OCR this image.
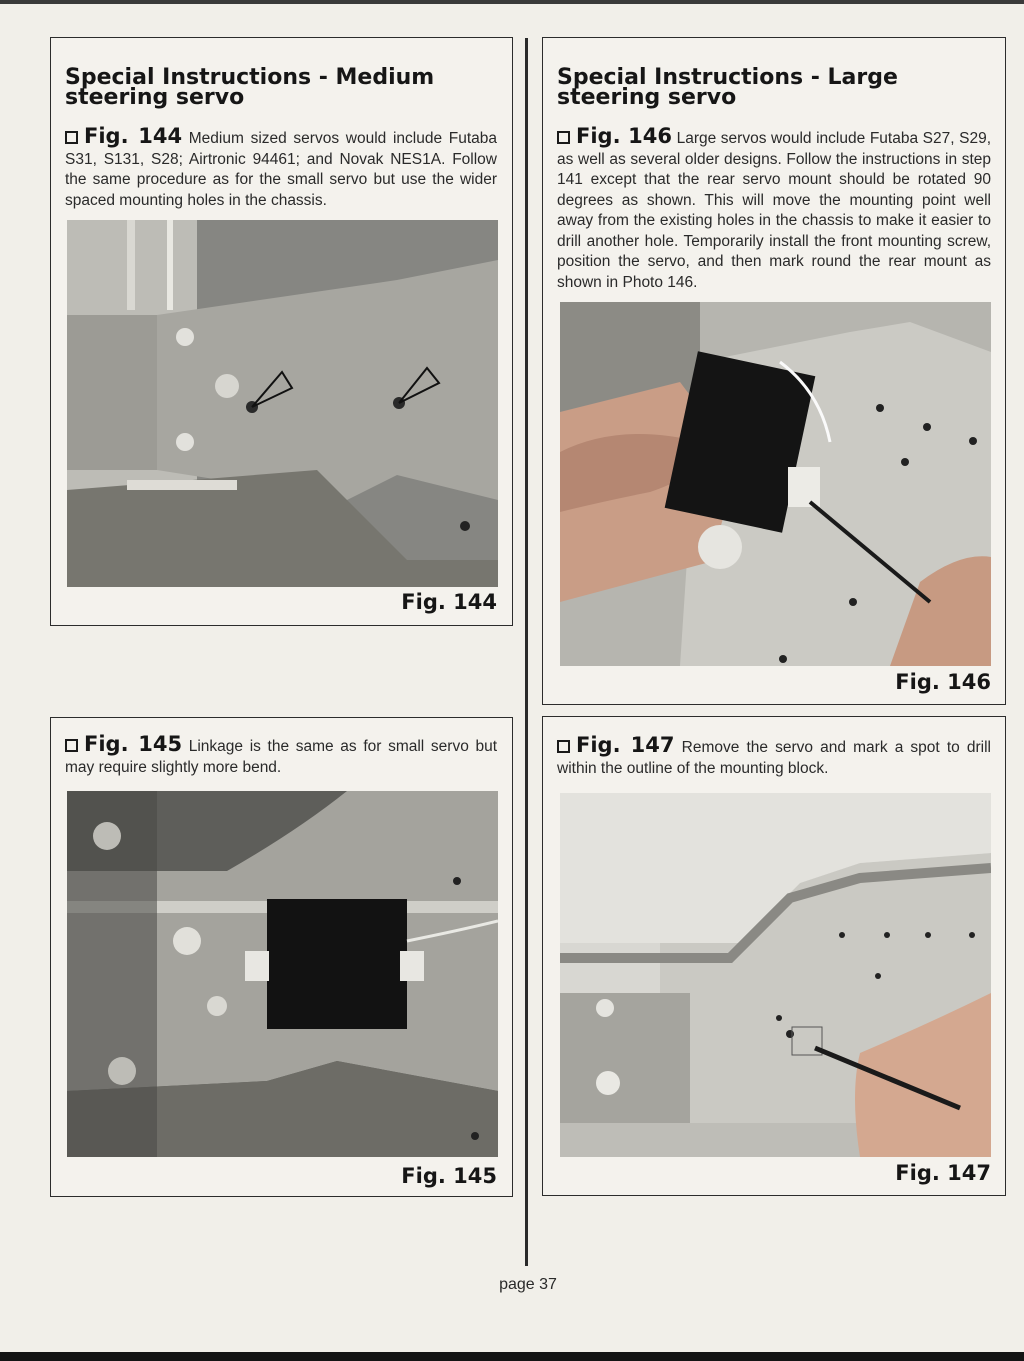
Special Instructions - Medium steering servo

Fig. 144 Medium sized servos would include Futaba S31, S131, S28; Airtronic 94461; and Novak NES1A. Follow the same procedure as for the small servo but use the wider spaced mounting holes in the chassis.

Fig. 144

Fig. 145 Linkage is the same as for small servo but may require slightly more bend.

Fig. 145
Special Instructions - Large steering servo

Fig. 146 Large servos would include Futaba S27, S29, as well as several older designs. Follow the instructions in step 141 except that the rear servo mount should be rotated 90 degrees as shown. This will move the mounting point well away from the existing holes in the chassis to make it easier to drill another hole. Temporarily install the front mounting screw, position the servo, and then mark round the rear mount as shown in Photo 146.

Fig. 146

Fig. 147 Remove the servo and mark a spot to drill within the outline of the mounting block.

Fig. 147
page 37
